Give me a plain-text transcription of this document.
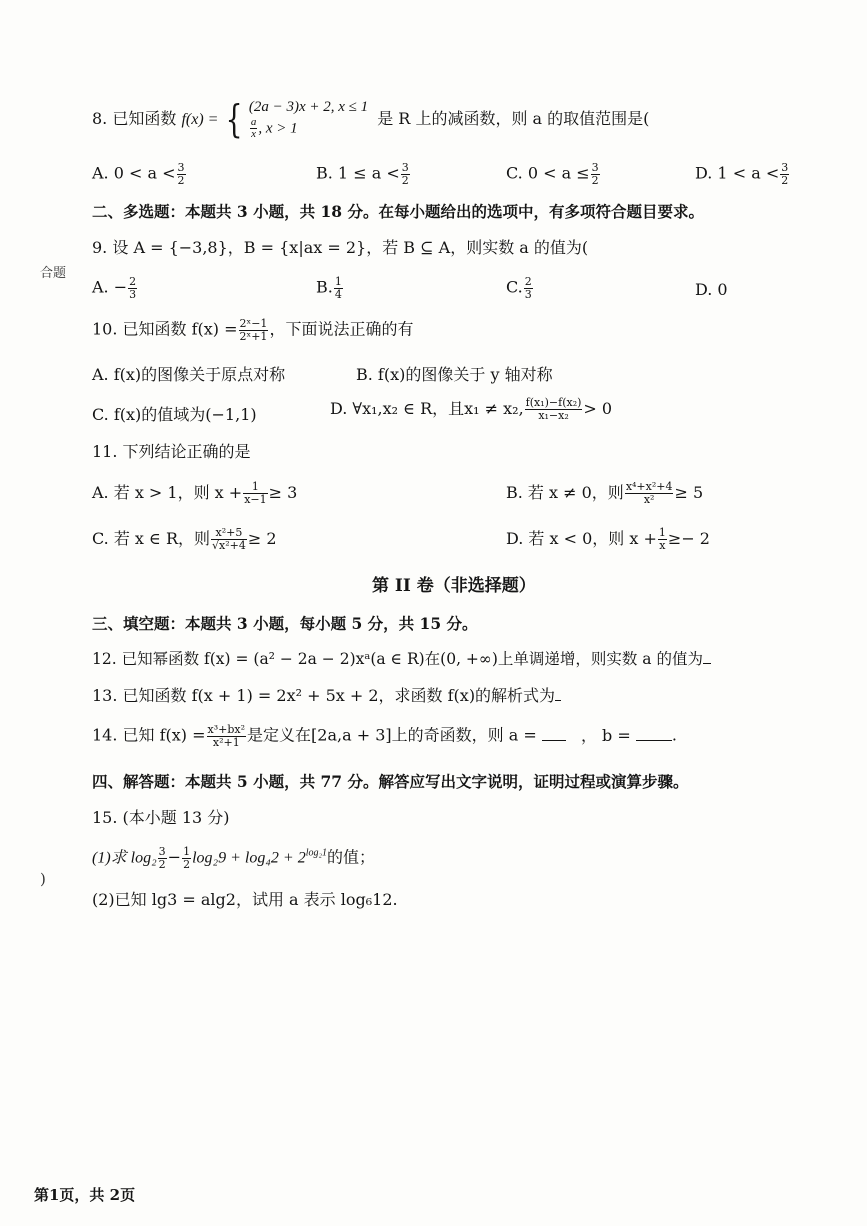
8. 已知函数 f(x) = { (2a − 3)x + 2, x ≤ 1
$\frac{a}{x}$ , x > 1
是 R 上的减函数，则 a 的取值范围是(
A. $0 < a < \frac{3}{2}$	B. $1 \le a < \frac{3}{2}$	C. $0 < a \le \frac{3}{2}$	D. $1 < a < \frac{3}{2}$
二、多选题：本题共 3 小题，共 18 分。在每小题给出的选项中，有多项符合题目要求。
9. 设 A = {−3,8}，B = {x|ax = 2}，若 B ⊆ A，则实数 a 的值为(
合题
A. − $\frac{2}{3}$	B. $\frac{1}{4}$	C. $\frac{2}{3}$	D. 0
10. 已知函数 $f(x) = \frac{\text{2ˣ−1}}{\text{2ˣ+1}}$ ，下面说法正确的有
A. f(x)的图像关于原点对称	B. f(x)的图像关于 y 轴对称
C. f(x)的值域为(−1,1)	D. ∀x₁,x₂ ∈ R，且x₁ ≠ x₂, $\frac{\text{f(x₁)−f(x₂)}}{\text{x₁−x₂}} > 0$
11. 下列结论正确的是
A. 若 x > 1，则 $x + \frac{1}{x-1} \ge 3$	B. 若 x ≠ 0，则 $\frac{\text{x⁴+x²+4}}{\text{x²}} \ge 5$
C. 若 x ∈ R，则 $\frac{\text{x²+5}}{\text{√x²+4}} \ge 2$	D. 若 x < 0，则 $x + \frac{1}{x} \ge- 2$
第 II 卷（非选择题）
三、填空题：本题共 3 小题，每小题 5 分，共 15 分。
12. 已知幂函数 f(x) = (a² − 2a − 2)xᵃ(a ∈ R)在(0, +∞)上单调递增，则实数 a 的值为
13. 已知函数 f(x + 1) = 2x² + 5x + 2，求函数 f(x)的解析式为
14. 已知 $f(x) = \frac{\text{x³+bx²}}{\text{x²+1}}$ 是定义在[2a,a + 3]上的奇函数，则 a =	， b =	.
四、解答题：本题共 5 小题，共 77 分。解答应写出文字说明，证明过程或演算步骤。
15. (本小题 13 分)
(1)求 $\log_2 \frac{3}{2} - \frac{1}{2} \log_29 + \log_42 + 2^{log_21}$的值；
)
(2)已知 lg3 = alg2，试用 a 表示 log₆12.
第1页，共 2页
